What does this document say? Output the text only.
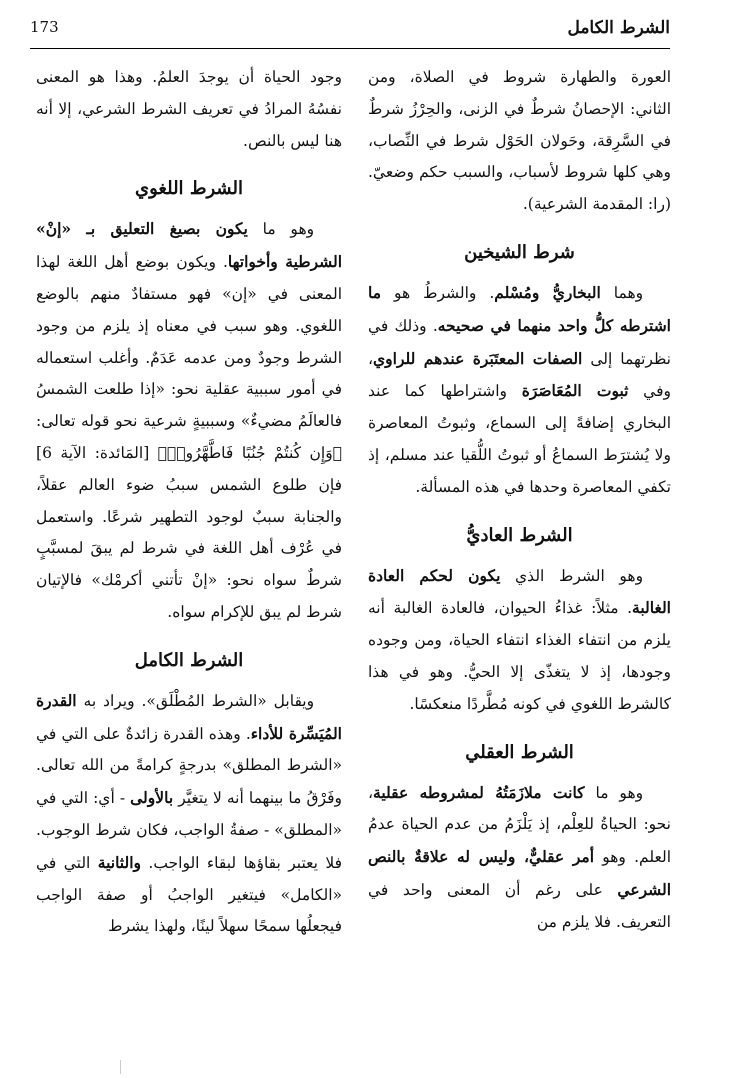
173	الشرط الكامل

العورة والطهارة شروط في الصلاة، ومن الثاني: الإحصانُ شرطٌ في الزنى، والحِرْزُ شرطٌ في السَّرِقة، وحَولان الحَوْل شرط في النِّصاب، وهي كلها شروط لأسباب، والسبب حكم وضعيّ. (را: المقدمة الشرعية).

شرط الشيخين

وهما البخاريُّ ومُسْلم. والشرطُ هو ما اشترطه كلُّ واحد منهما في صحيحه. وذلك في نظرتهما إلى الصفات المعتَبَرة عندهم للراوي، وفي ثبوت المُعَاصَرَة واشتراطها كما عند البخاري إضافةً إلى السماع، وثبوتُ المعاصرة ولا يُشترَط السماعُ أو ثبوتُ اللُّقيا عند مسلم، إذ تكفي المعاصرة وحدها في هذه المسألة.

الشرط العاديُّ

وهو الشرط الذي يكون لحكم العادة الغالبة. مثلاً: غذاءُ الحيوان، فالعادة الغالبة أنه يلزم من انتفاء الغذاء انتفاء الحياة، ومن وجوده وجودها، إذ لا يتغذّى إلا الحيُّ. وهو في هذا كالشرط اللغوي في كونه مُطَّردًا منعكسًا.

الشرط العقلي

وهو ما كانت ملازَمَتُهُ لمشروطه عقلية، نحو: الحياةُ للعِلْم، إذ يَلْزَمُ من عدم الحياة عدمُ العلم. وهو أمر عقليٌّ، وليس له علاقةٌ بالنص الشرعي على رغم أن المعنى واحد في التعريف. فلا يلزم من

وجود الحياة أن يوجدَ العلمُ. وهذا هو المعنى نفسُهُ المرادُ في تعريف الشرط الشرعي، إلا أنه هنا ليس بالنص.

الشرط اللغوي

وهو ما يكون بصيغ التعليق بـ «إنْ» الشرطية وأخواتها. ويكون بوضع أهل اللغة لهذا المعنى في «إن» فهو مستفادٌ منهم بالوضع اللغوي. وهو سبب في معناه إذ يلزم من وجود الشرط وجودٌ ومن عدمه عَدَمٌ. وأغلب استعماله في أمور سببية عقلية نحو: «إذا طلعت الشمسُ فالعالَمُ مضيءٌ» وسببيةٍ شرعية نحو قوله تعالى: ﴿وَإِن كُنتُمْ جُنُبًا فَاطَّهَّرُوا۟﴾ [المَائدة: الآية 6] فإن طلوع الشمس سببُ ضوء العالم عقلاً، والجنابة سببٌ لوجود التطهير شرعًا. واستعمل في عُرْف أهل اللغة في شرط لم يبقَ لمسبَّبٍ شرطٌ سواه نحو: «إنْ تأتني أكرمْك» فالإتيان شرط لم يبق للإكرام سواه.

الشرط الكامل

ويقابل «الشرط المُطْلَق». ويراد به القدرة المُيَسِّرة للأداء. وهذه القدرة زائدةٌ على التي في «الشرط المطلق» بدرجةٍ كرامةً من الله تعالى. وفَرْقُ ما بينهما أنه لا يتغيَّر بالأولى - أي: التي في «المطلق» - صفةُ الواجب، فكان شرط الوجوب. فلا يعتبر بقاؤها لبقاء الواجب. والثانية التي في «الكامل» فيتغير الواجبُ أو صفة الواجب فيجعلُها سمحًا سهلاً لينًا، ولهذا يشرط
